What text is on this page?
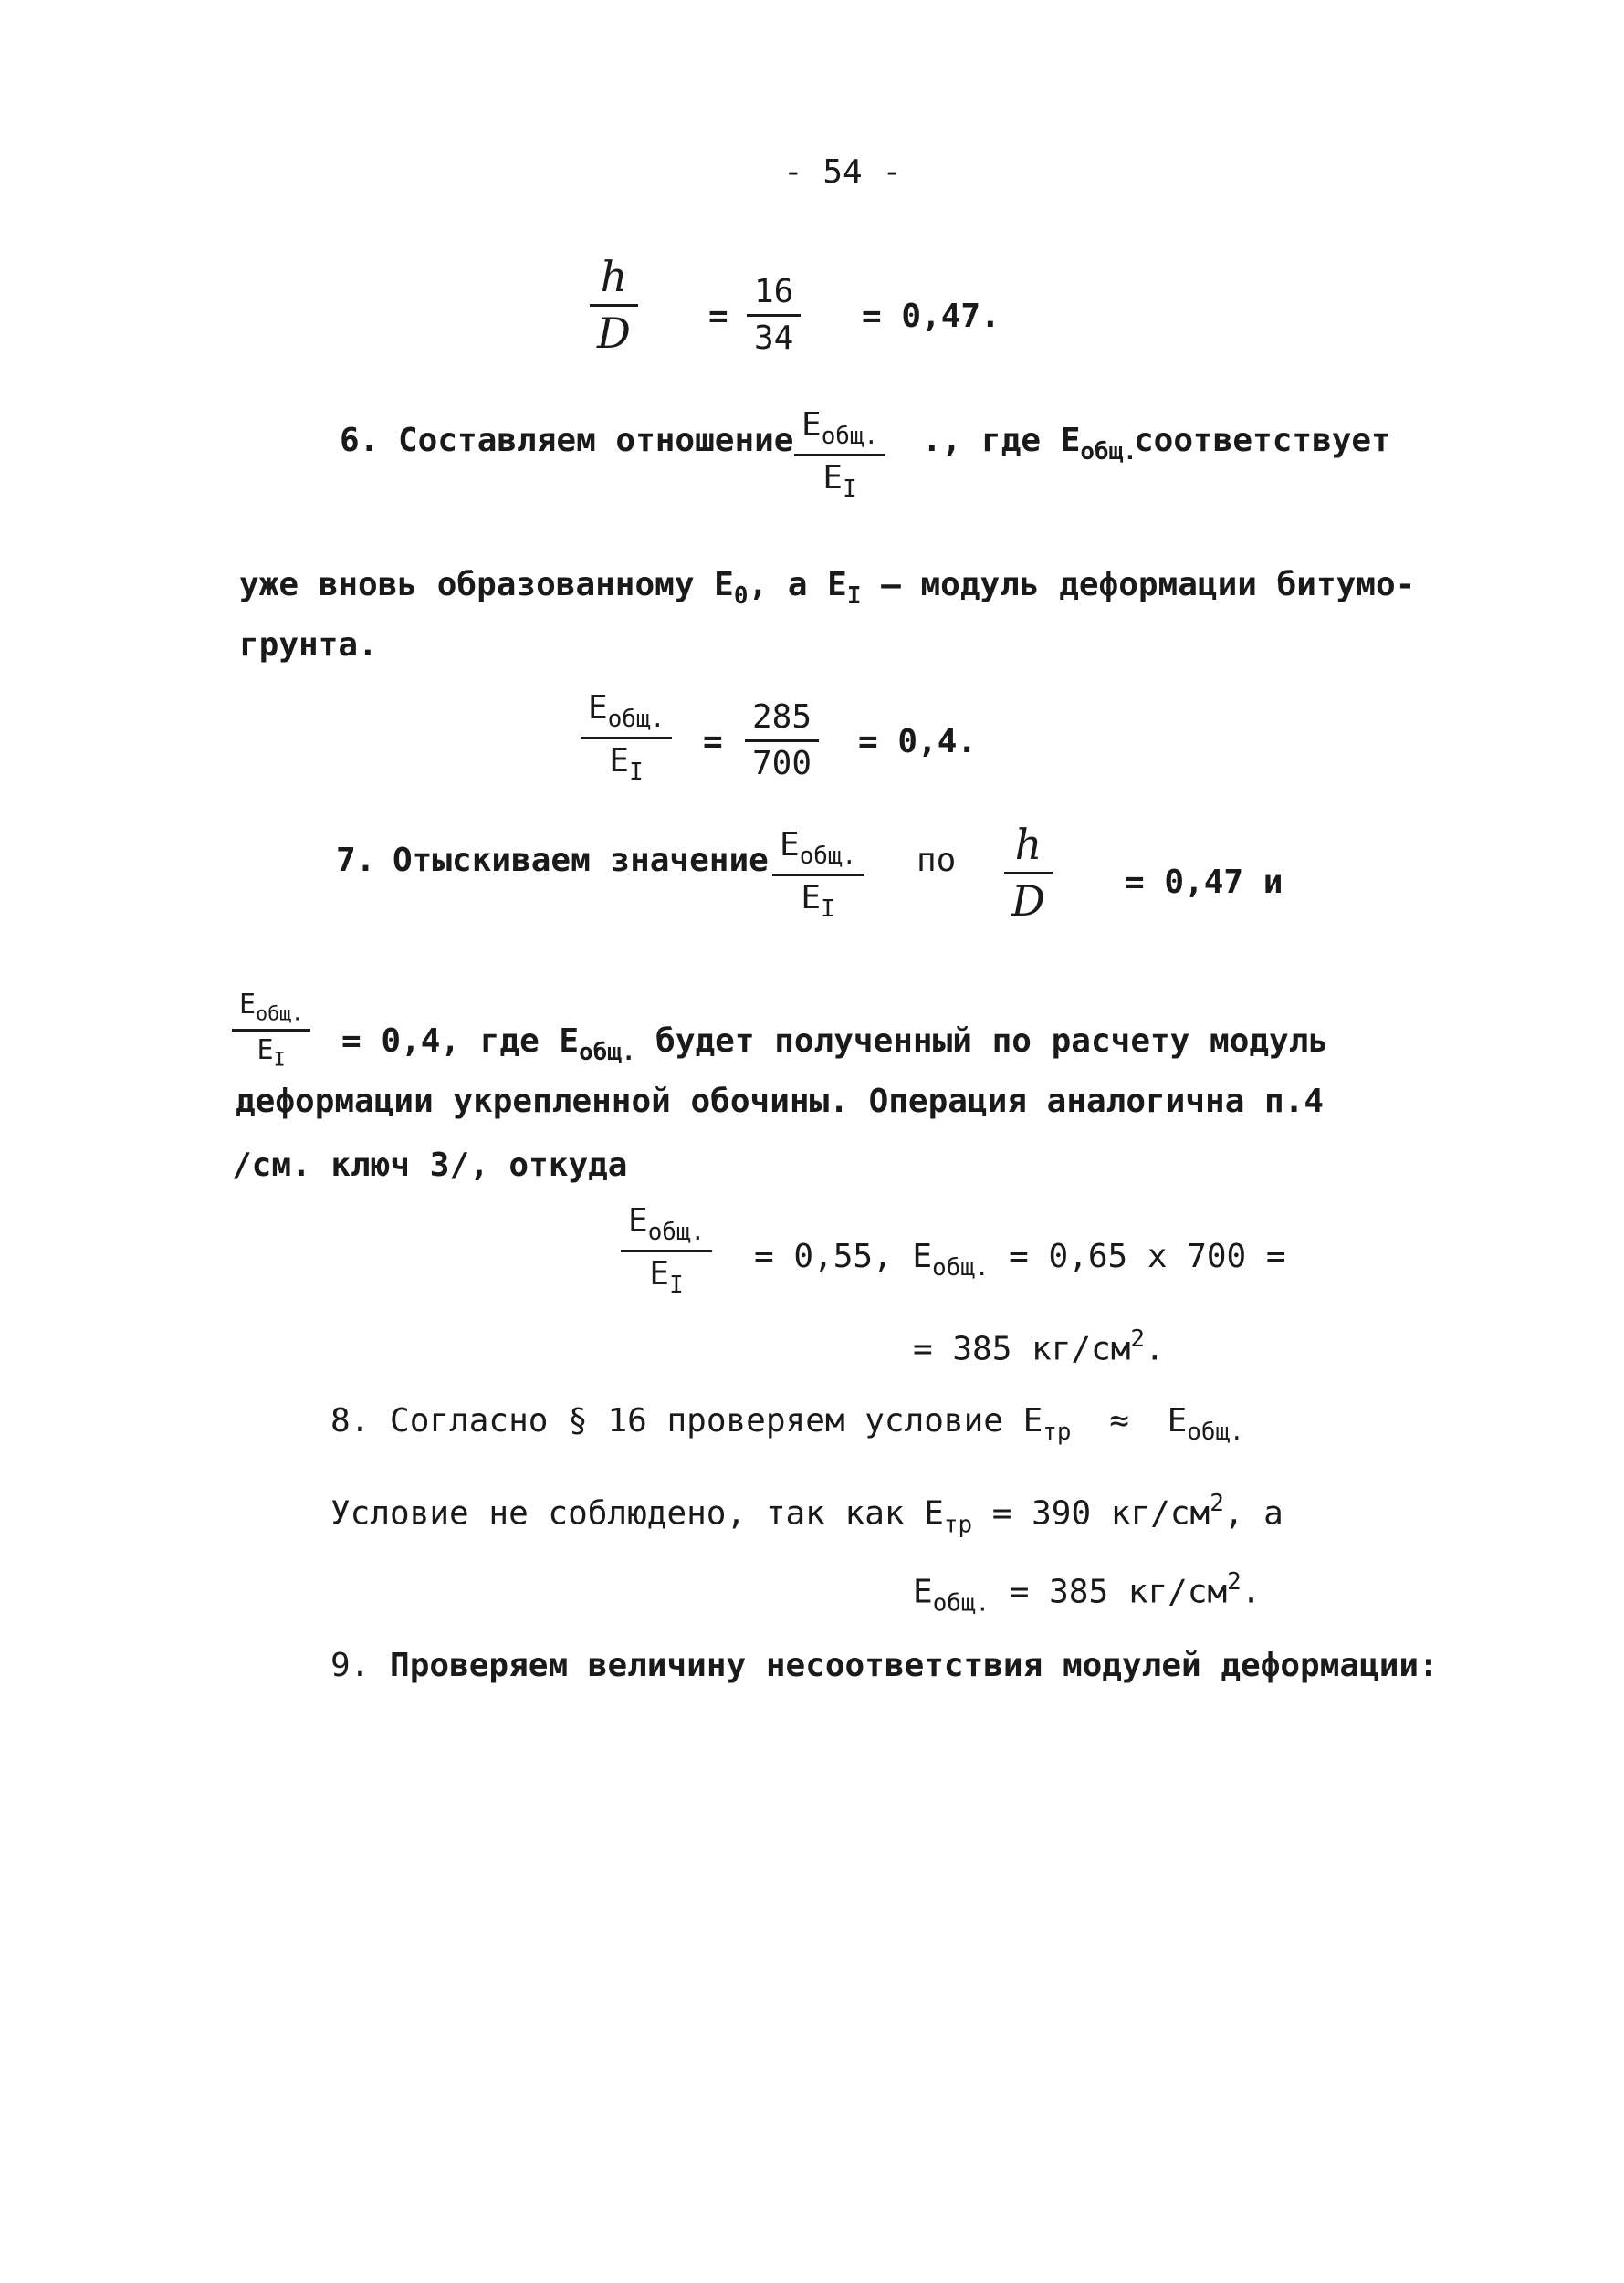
- 54 -
h
D =
16
34
= 0,47.
6. Составляем отношение $E_{общ.}$
$E_I$
., где $E_{общ.}$
соответствует
уже вновь образованному $E_0$, а $E_I$ – модуль деформации битумо-
грунта.
$E_{общ.}$
$E_I$
=
285
700
= 0,4.
7. Отыскиваем значение $E_{общ.}$
$E_I$
по h
D = 0,47 и
$E_{общ.}$
$E_I$
= 0,4, где $E_{общ.}$ будет полученный по расчету модуль
деформации укрепленной обочины. Операция аналогична п.4
/см. ключ 3/, откуда
$E_{общ.}$
$E_I$
= 0,55, $E_{общ.} = 0,65$ x 700 =
= 385 $кг/см^2$.
8. Согласно § 16 проверяем условие $E_{тр} \approx E_{общ.}$
Условие не соблюдено, так как $E_{тр} = 390$ $кг/см^2$, а
$E_{общ.} = 385$ $кг/см^2$.
9. Проверяем величину несоответствия модулей деформации:
